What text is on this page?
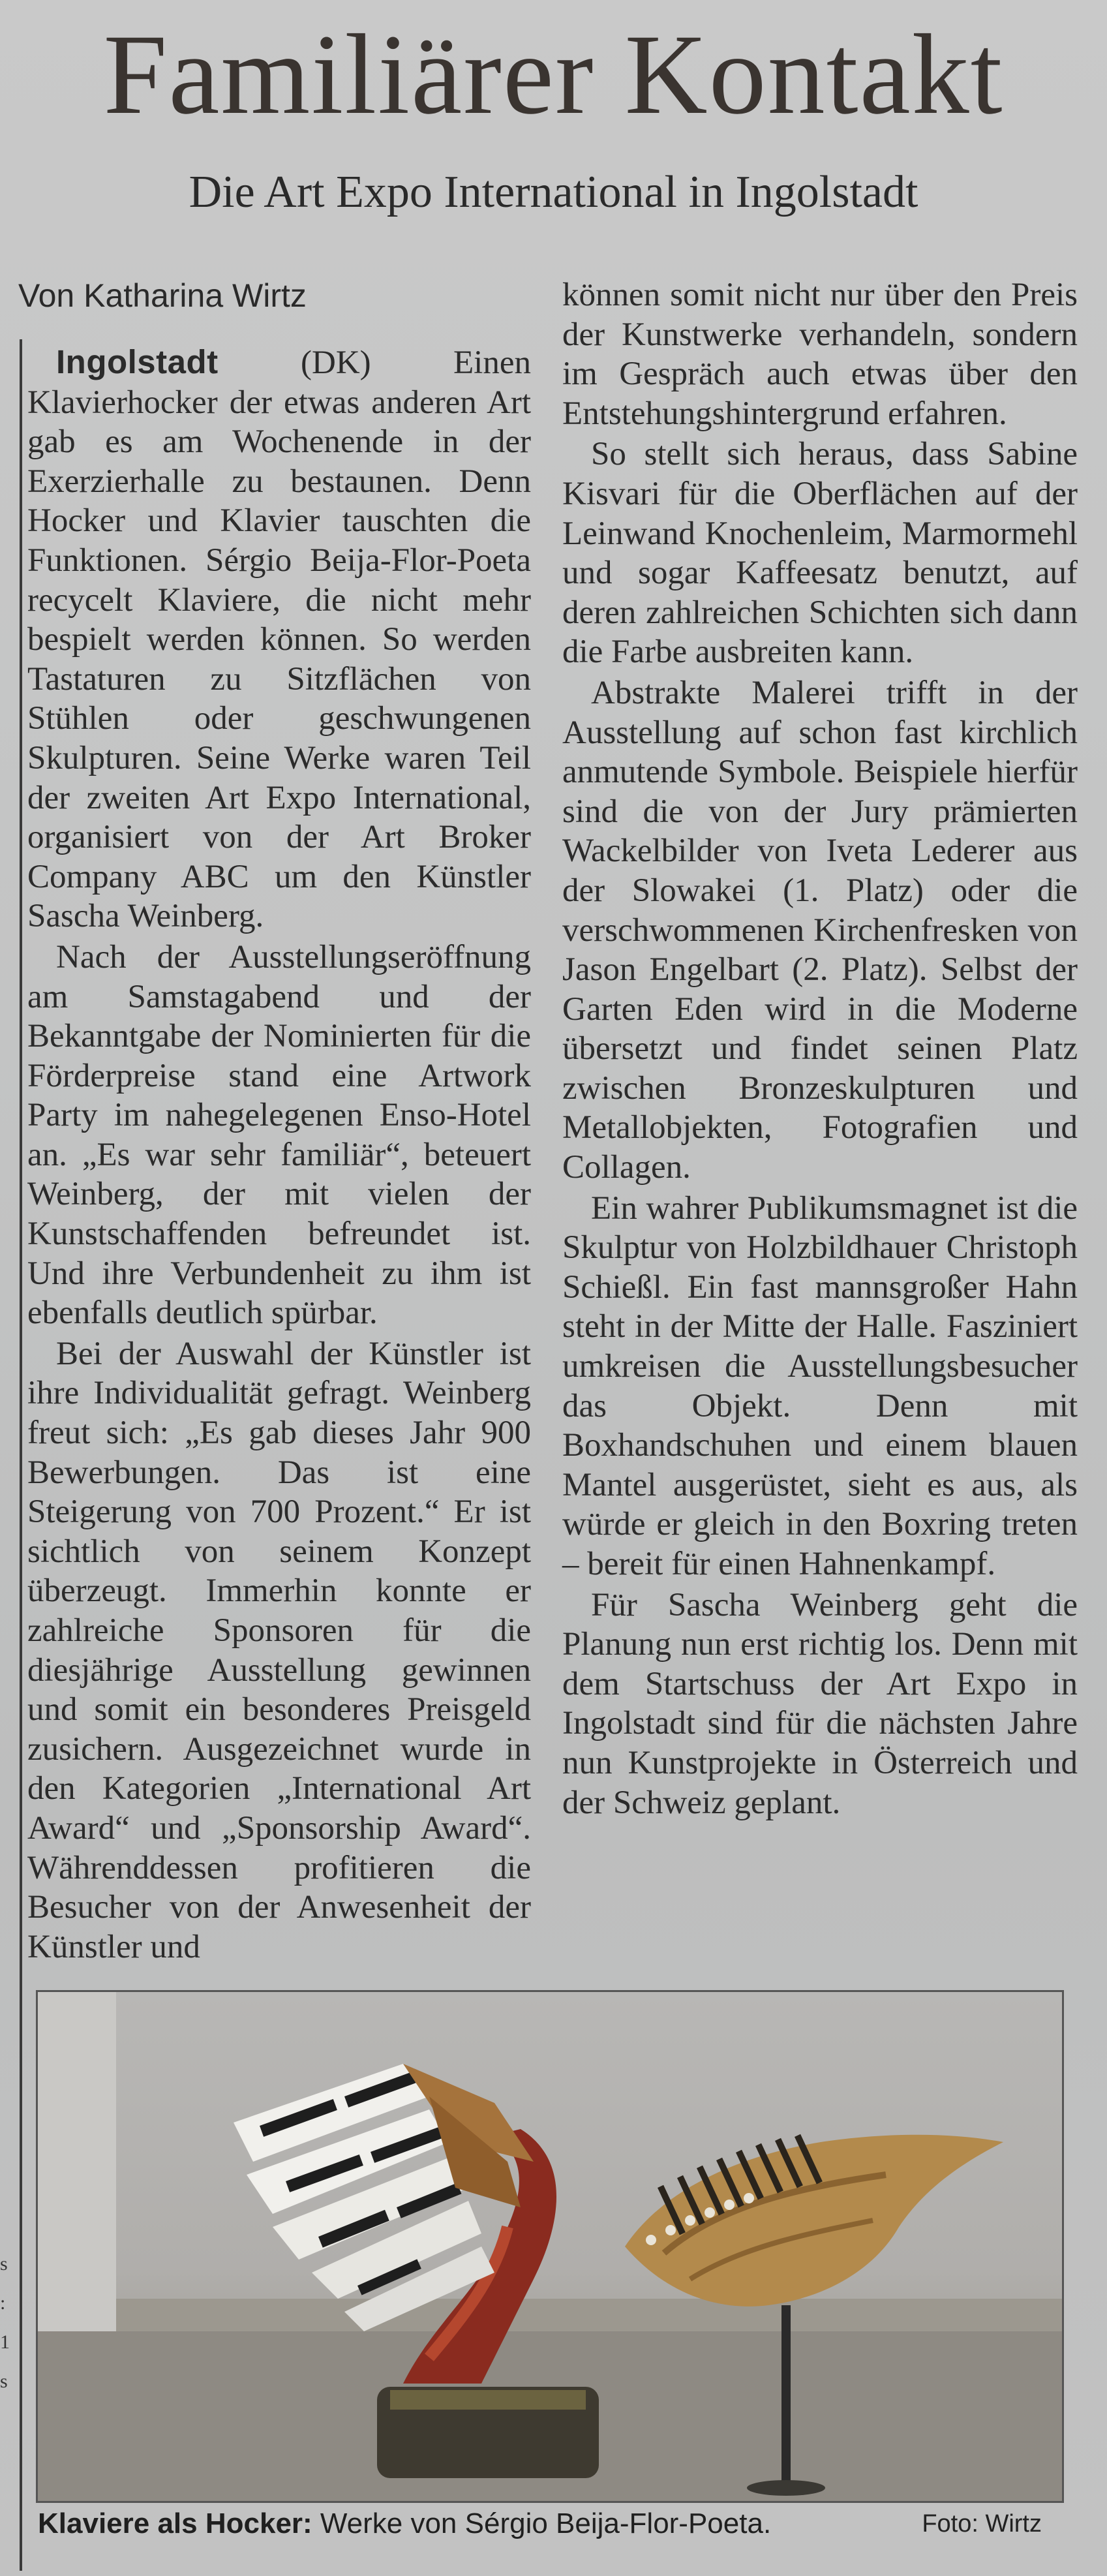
Familiärer Kontakt
Die Art Expo International in Ingolstadt
Von Katharina Wirtz

Ingolstadt (DK) Einen Klavierhocker der etwas anderen Art gab es am Wochenende in der Exerzierhalle zu bestaunen. Denn Hocker und Klavier tauschten die Funktionen. Sérgio Beija-Flor-Poeta recycelt Klaviere, die nicht mehr bespielt werden können. So werden Tastaturen zu Sitzflächen von Stühlen oder geschwungenen Skulpturen. Seine Werke waren Teil der zweiten Art Expo International, organisiert von der Art Broker Company ABC um den Künstler Sascha Weinberg.

Nach der Ausstellungseröffnung am Samstagabend und der Bekanntgabe der Nominierten für die Förderpreise stand eine Artwork Party im nahegelegenen Enso-Hotel an. „Es war sehr familiär“, beteuert Weinberg, der mit vielen der Kunstschaffenden befreundet ist. Und ihre Verbundenheit zu ihm ist ebenfalls deutlich spürbar.

Bei der Auswahl der Künstler ist ihre Individualität gefragt. Weinberg freut sich: „Es gab dieses Jahr 900 Bewerbungen. Das ist eine Steigerung von 700 Prozent.“ Er ist sichtlich von seinem Konzept überzeugt. Immerhin konnte er zahlreiche Sponsoren für die diesjährige Ausstellung gewinnen und somit ein besonderes Preisgeld zusichern. Ausgezeichnet wurde in den Kategorien „International Art Award“ und „Sponsorship Award“. Währenddessen profitieren die Besucher von der Anwesenheit der Künstler und

können somit nicht nur über den Preis der Kunstwerke verhandeln, sondern im Gespräch auch etwas über den Entstehungshintergrund erfahren.

So stellt sich heraus, dass Sabine Kisvari für die Oberflächen auf der Leinwand Knochenleim, Marmormehl und sogar Kaffeesatz benutzt, auf deren zahlreichen Schichten sich dann die Farbe ausbreiten kann.

Abstrakte Malerei trifft in der Ausstellung auf schon fast kirchlich anmutende Symbole. Beispiele hierfür sind die von der Jury prämierten Wackelbilder von Iveta Lederer aus der Slowakei (1. Platz) oder die verschwommenen Kirchenfresken von Jason Engelbart (2. Platz). Selbst der Garten Eden wird in die Moderne übersetzt und findet seinen Platz zwischen Bronzeskulpturen und Metallobjekten, Fotografien und Collagen.

Ein wahrer Publikumsmagnet ist die Skulptur von Holzbildhauer Christoph Schießl. Ein fast mannsgroßer Hahn steht in der Mitte der Halle. Fasziniert umkreisen die Ausstellungsbesucher das Objekt. Denn mit Boxhandschuhen und einem blauen Mantel ausgerüstet, sieht es aus, als würde er gleich in den Boxring treten – bereit für einen Hahnenkampf.

Für Sascha Weinberg geht die Planung nun erst richtig los. Denn mit dem Startschuss der Art Expo in Ingolstadt sind für die nächsten Jahre nun Kunstprojekte in Österreich und der Schweiz geplant.

s
:
1
s
Klaviere als Hocker: Werke von Sérgio Beija-Flor-Poeta.	Foto: Wirtz
